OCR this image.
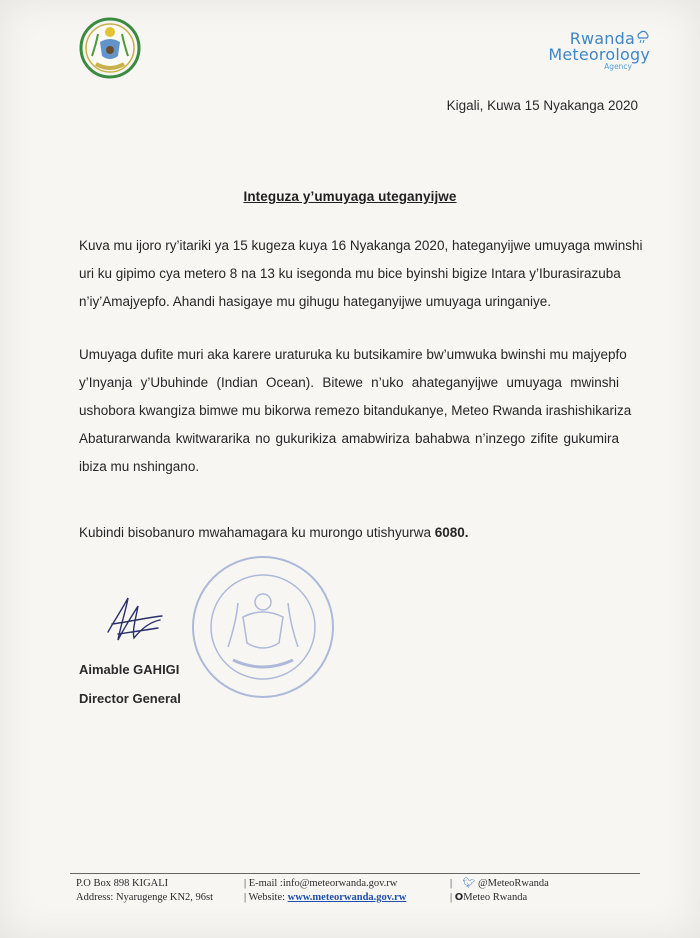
Rwanda
Meteorology
Agency
Kigali, Kuwa 15 Nyakanga 2020
Integuza y’umuyaga uteganyijwe
Kuva mu ijoro ry’itariki ya 15 kugeza kuya 16 Nyakanga 2020, hateganyijwe umuyaga mwinshi
uri ku gipimo cya metero 8 na 13 ku isegonda mu bice byinshi bigize Intara y’Iburasirazuba
n’iy’Amajyepfo. Ahandi hasigaye mu gihugu hateganyijwe umuyaga uringaniye.
Umuyaga dufite muri aka karere uraturuka ku butsikamire bw’umwuka bwinshi mu majyepfo
y’Inyanja y’Ubuhinde (Indian Ocean). Bitewe n’uko ahateganyijwe umuyaga mwinshi
ushobora kwangiza bimwe mu bikorwa remezo bitandukanye, Meteo Rwanda irashishikariza
Abaturarwanda kwitwararika no gukurikiza amabwiriza bahabwa n’inzego zifite gukumira
ibiza mu nshingano.
Kubindi bisobanuro mwahamagara ku murongo utishyurwa 6080.
Aimable GAHIGI
Director General
P.O Box 898 KIGALI
Address: Nyarugenge KN2, 96st
| E-mail :info@meteorwanda.gov.rw
| Website: www.meteorwanda.gov.rw
| 🐦︎ @MeteoRwanda
| OMeteo Rwanda
